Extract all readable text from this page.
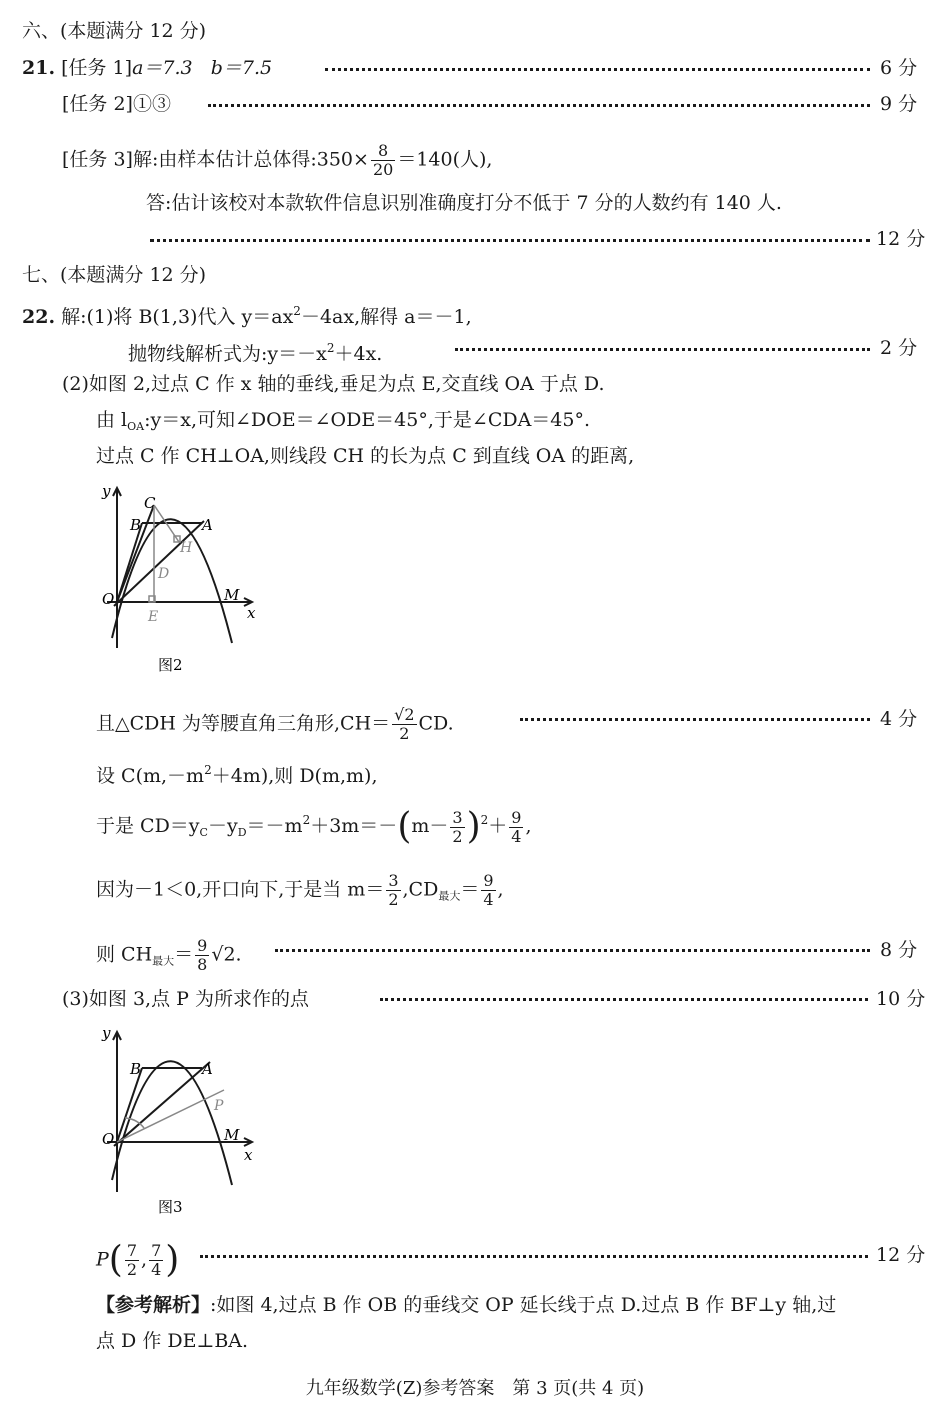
六、(本题满分 12 分)
21. [任务 1]a＝7.3 b＝7.5	6 分
[任务 2]①③	9 分
[任务 3]解:由样本估计总体得:350× $\frac{8}{20} =140$(人),
答:估计该校对本款软件信息识别准确度打分不低于 7 分的人数约有 140 人.
12 分
七、(本题满分 12 分)
22. 解:(1)将 B(1,3)代入 $y=ax^2-4ax$,解得 a＝－1,
抛物线解析式为$:y=-x^2+4x$.	2 分
(2)如图 2,过点 C 作 x 轴的垂线,垂足为点 E,交直线 OA 于点 D.
由 $l_{OA}:y=x$,可知∠DOE＝∠ODE＝45°,于是∠CDA＝45°.
过点 C 作 CH⊥OA,则线段 CH 的长为点 C 到直线 OA 的距离,
y
C
B	A
H
D
O	M
x
E
图2
且△CDH 为等腰直角三角形$,CH= \frac{√2}{2}$ CD.	4 分
设 $C(m,-m^2+4m)$,则 D(m,m),
于是 $CD=y_C-y_D=-m^2+3m=-(m- \frac{3}{2} )^2+ \frac{9}{4}$ ,
因为－1＜0,开口向下,于是当 $m= \frac{3}{2} ,CD_{最大}= \frac{9}{4}$ ,
则 $CH_{最大}= \frac{9}{8} √2$.	8 分
(3)如图 3,点 P 为所求作的点	10 分
y
B	A
P
O	M
x
图3
$P( \frac{7}{2}$ , $\frac{7}{4}$ )	12 分
【参考解析】:如图 4,过点 B 作 OB 的垂线交 OP 延长线于点 D.过点 B 作 BF⊥y 轴,过
点 D 作 DE⊥BA.
九年级数学(Z)参考答案　第 3 页(共 4 页)
